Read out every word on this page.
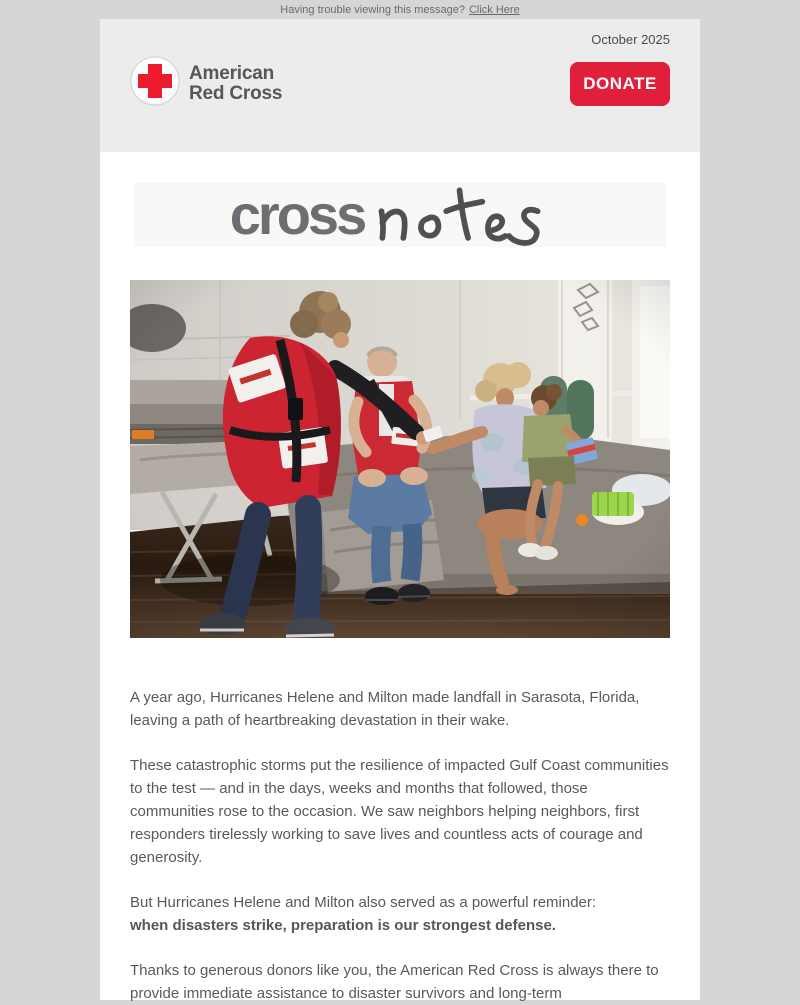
Having trouble viewing this message? Click Here
October 2025
American
Red Cross	DONATE
cross

A year ago, Hurricanes Helene and Milton made landfall in Sarasota, Florida, leaving a path of heartbreaking devastation in their wake.

These catastrophic storms put the resilience of impacted Gulf Coast communities to the test — and in the days, weeks and months that followed, those communities rose to the occasion. We saw neighbors helping neighbors, first responders tirelessly working to save lives and countless acts of courage and generosity.

But Hurricanes Helene and Milton also served as a powerful reminder:
when disasters strike, preparation is our strongest defense.

Thanks to generous donors like you, the American Red Cross is always there to provide immediate assistance to disaster survivors and long-term
